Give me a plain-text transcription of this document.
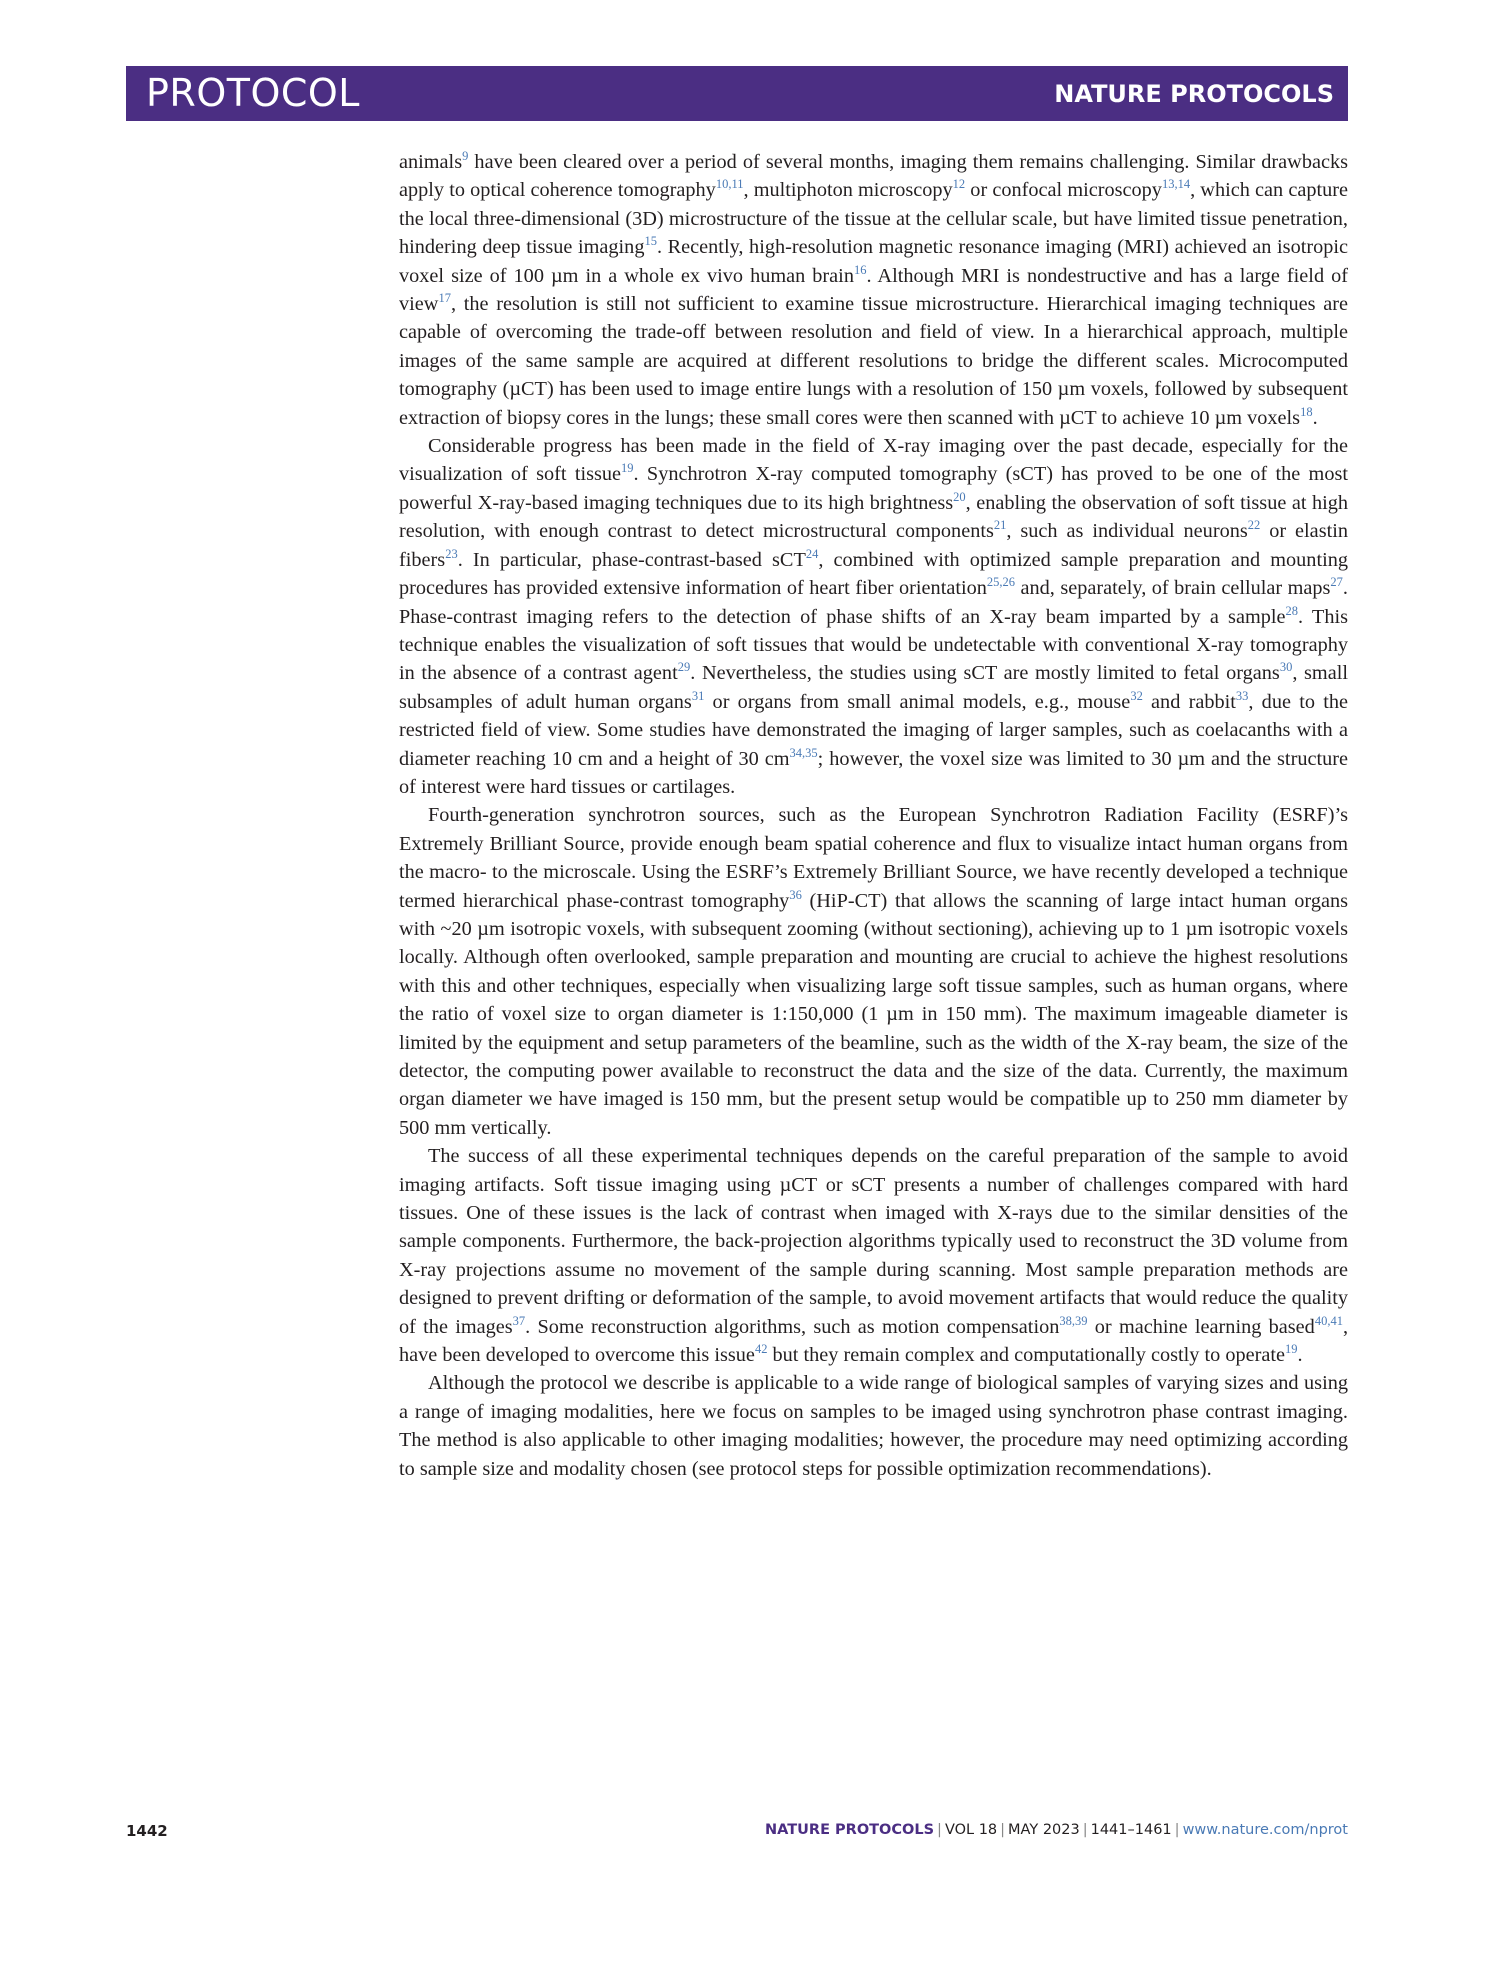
PROTOCOL	NATURE PROTOCOLS

animals$^9$ have been cleared over a period of several months, imaging them remains challenging. Similar drawbacks apply to optical coherence tomography$^{10,11}$, multiphoton microscopy$^{12}$ or confocal microscopy$^{13,14}$, which can capture the local three-dimensional (3D) microstructure of the tissue at the cellular scale, but have limited tissue penetration, hindering deep tissue imaging$^{15}$. Recently, high-resolution magnetic resonance imaging (MRI) achieved an isotropic voxel size of 100 µm in a whole ex vivo human brain$^{16}$. Although MRI is nondestructive and has a large field of view$^{17}$, the resolution is still not sufficient to examine tissue microstructure. Hierarchical imaging techniques are capable of overcoming the trade-off between resolution and field of view. In a hierarchical approach, multiple images of the same sample are acquired at different resolutions to bridge the different scales. Microcomputed tomography (µCT) has been used to image entire lungs with a resolution of 150 µm voxels, followed by subsequent extraction of biopsy cores in the lungs; these small cores were then scanned with µCT to achieve 10 µm voxels$^{18}$.

Considerable progress has been made in the field of X-ray imaging over the past decade, especially for the visualization of soft tissue$^{19}$. Synchrotron X-ray computed tomography (sCT) has proved to be one of the most powerful X-ray-based imaging techniques due to its high brightness$^{20}$, enabling the observation of soft tissue at high resolution, with enough contrast to detect microstructural components$^{21}$, such as individual neurons$^{22}$ or elastin fibers$^{23}$. In particular, phase-contrast-based sCT$^{24}$, combined with optimized sample preparation and mounting procedures has provided extensive information of heart fiber orientation$^{25,26}$ and, separately, of brain cellular maps$^{27}$. Phase-contrast imaging refers to the detection of phase shifts of an X-ray beam imparted by a sample$^{28}$. This technique enables the visualization of soft tissues that would be undetectable with conventional X-ray tomography in the absence of a contrast agent$^{29}$. Nevertheless, the studies using sCT are mostly limited to fetal organs$^{30}$, small subsamples of adult human organs$^{31}$ or organs from small animal models, e.g., mouse$^{32}$ and rabbit$^{33}$, due to the restricted field of view. Some studies have demonstrated the imaging of larger samples, such as coelacanths with a diameter reaching 10 cm and a height of 30 cm$^{34,35}$; however, the voxel size was limited to 30 µm and the structure of interest were hard tissues or cartilages.

Fourth-generation synchrotron sources, such as the European Synchrotron Radiation Facility (ESRF)’s Extremely Brilliant Source, provide enough beam spatial coherence and flux to visualize intact human organs from the macro- to the microscale. Using the ESRF’s Extremely Brilliant Source, we have recently developed a technique termed hierarchical phase-contrast tomography$^{36}$ (HiP-CT) that allows the scanning of large intact human organs with ~20 µm isotropic voxels, with subsequent zooming (without sectioning), achieving up to 1 µm isotropic voxels locally. Although often overlooked, sample preparation and mounting are crucial to achieve the highest resolutions with this and other techniques, especially when visualizing large soft tissue samples, such as human organs, where the ratio of voxel size to organ diameter is 1:150,000 (1 µm in 150 mm). The maximum imageable diameter is limited by the equipment and setup parameters of the beamline, such as the width of the X-ray beam, the size of the detector, the computing power available to reconstruct the data and the size of the data. Currently, the maximum organ diameter we have imaged is 150 mm, but the present setup would be compatible up to 250 mm diameter by 500 mm vertically.

The success of all these experimental techniques depends on the careful preparation of the sample to avoid imaging artifacts. Soft tissue imaging using µCT or sCT presents a number of challenges compared with hard tissues. One of these issues is the lack of contrast when imaged with X-rays due to the similar densities of the sample components. Furthermore, the back-projection algorithms typically used to reconstruct the 3D volume from X-ray projections assume no movement of the sample during scanning. Most sample preparation methods are designed to prevent drifting or deformation of the sample, to avoid movement artifacts that would reduce the quality of the images$^{37}$. Some reconstruction algorithms, such as motion compensation$^{38,39}$ or machine learning based$^{40,41}$, have been developed to overcome this issue$^{42}$ but they remain complex and computationally costly to operate$^{19}$.

Although the protocol we describe is applicable to a wide range of biological samples of varying sizes and using a range of imaging modalities, here we focus on samples to be imaged using synchrotron phase contrast imaging. The method is also applicable to other imaging modalities; however, the procedure may need optimizing according to sample size and modality chosen (see protocol steps for possible optimization recommendations).

1442	NATURE PROTOCOLS | VOL 18 | MAY 2023 | 1441–1461 | www.nature.com/nprot
